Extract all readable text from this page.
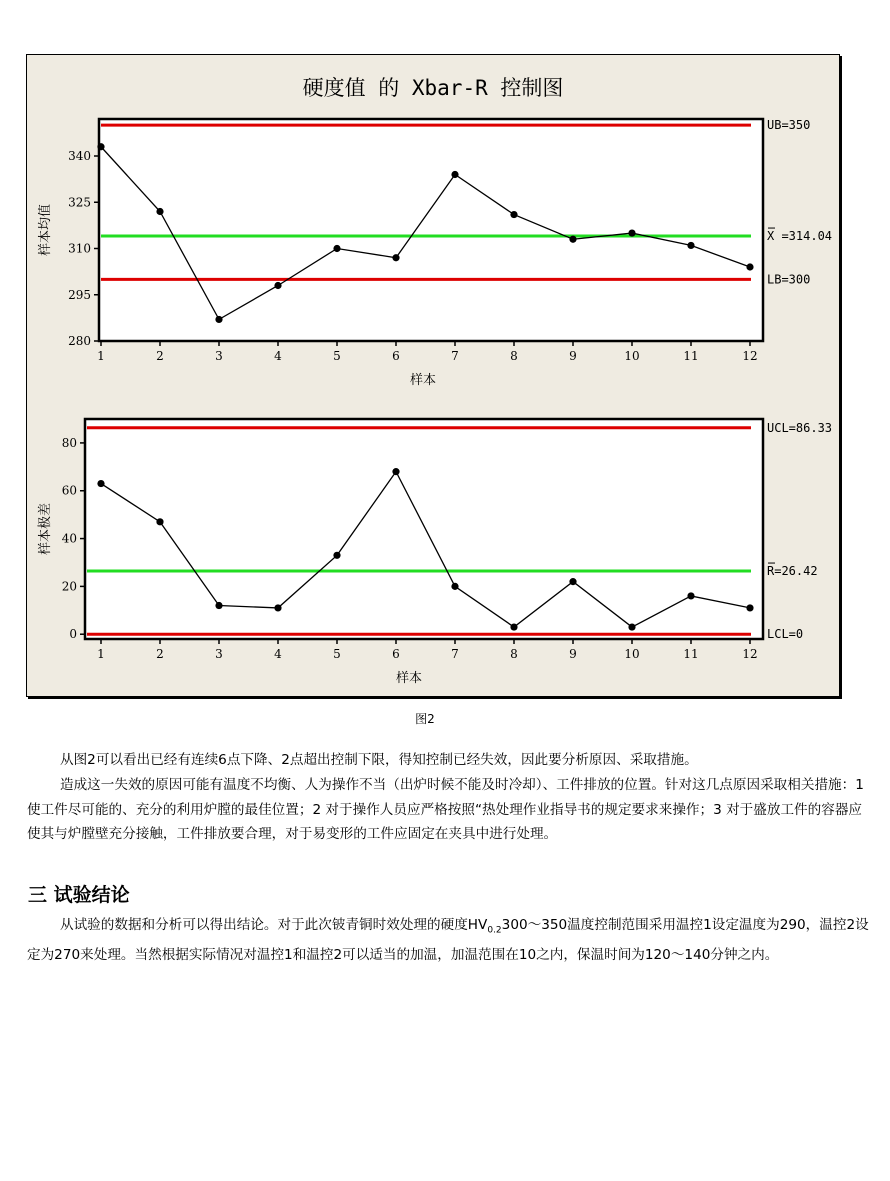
硬度值 的 Xbar-R 控制图
280
295
310
325
340
1	2	3	4	5	6	7	8	9	10	11	12
样本
样本均值
UB=350
X =314.04
LB=300
0
20
40
60
80
1	2	3	4	5	6	7	8	9	10	11	12
样本
样本极差
UCL=86.33
R=26.42
LCL=0
图2

从图2可以看出已经有连续6点下降、2点超出控制下限，得知控制已经失效，因此要分析原因、采取措施。

造成这一失效的原因可能有温度不均衡、人为操作不当（出炉时候不能及时冷却）、工件排放的位置。针对这几点原因采取相关措施：1 使工件尽可能的、充分的利用炉膛的最佳位置；2 对于操作人员应严格按照“热处理作业指导书的规定要求来操作；3 对于盛放工件的容器应使其与炉膛壁充分接触，工件排放要合理，对于易变形的工件应固定在夹具中进行处理。

三 试验结论

从试验的数据和分析可以得出结论。对于此次铍青铜时效处理的硬度$HV_{0.2}300\sim 350$温度控制范围采用温控1设定温度为290，温控2设定为270来处理。当然根据实际情况对温控1和温控2可以适当的加温，加温范围在10之内，保温时间为120～140分钟之内。
